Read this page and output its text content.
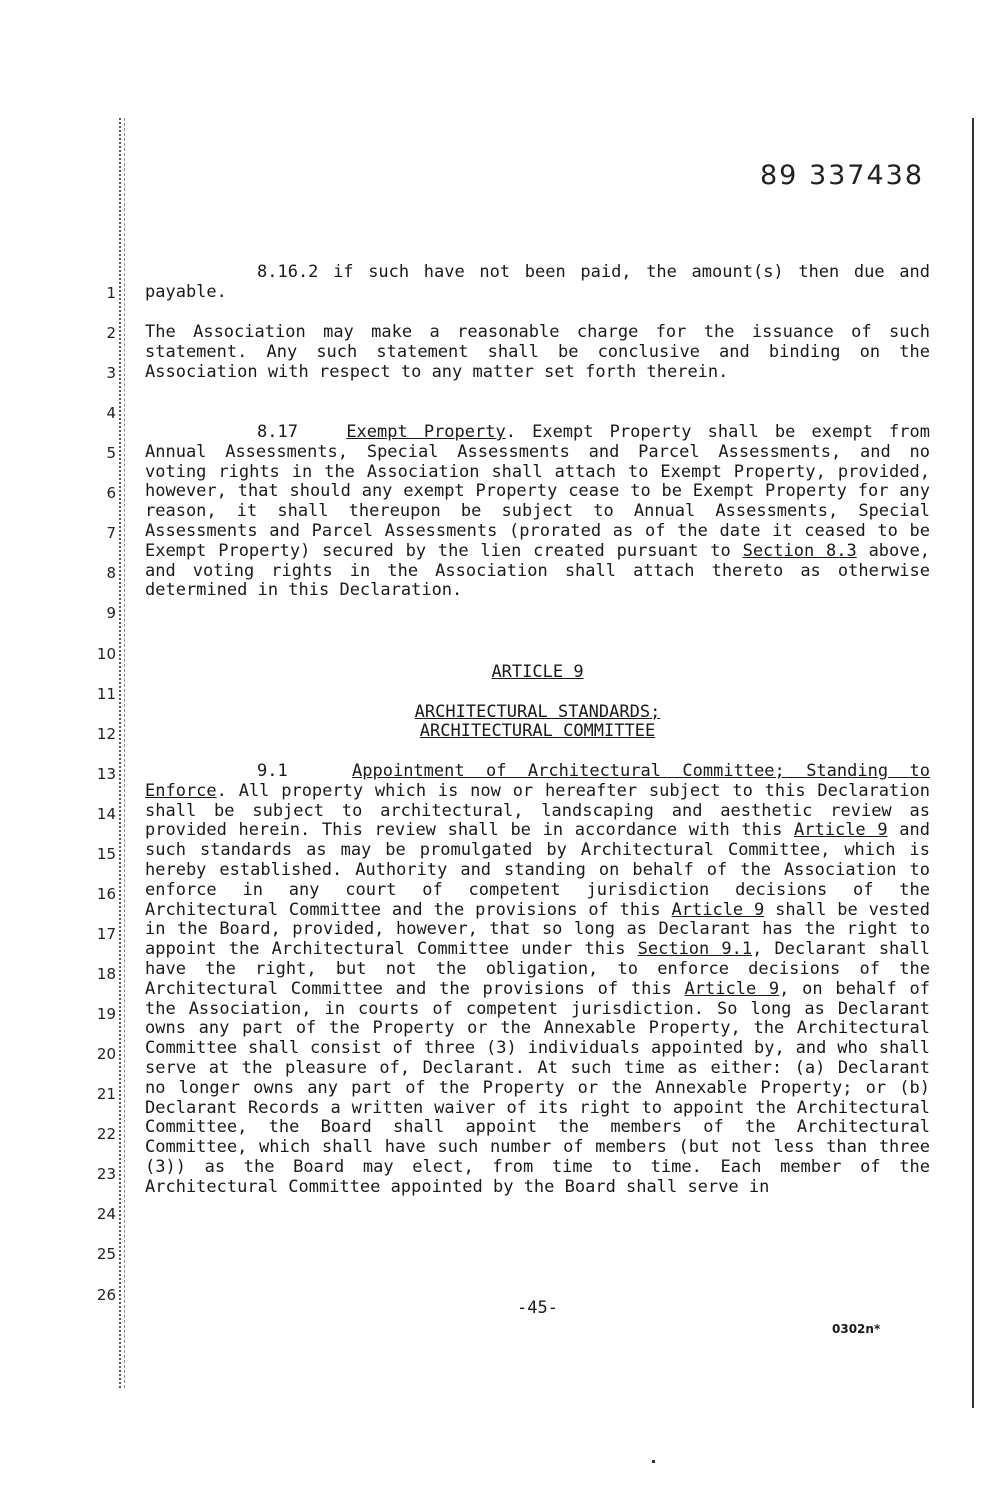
89 337438
1
2
3
4
5
6
7
8
9
10
11
12
13
14
15
16
17
18
19
20
21
22
23
24
25
26
8.16.2 if such have not been paid, the amount(s) then due and payable.
The Association may make a reasonable charge for the issuance of such statement. Any such statement shall be conclusive and binding on the Association with respect to any matter set forth therein.
8.17	Exempt Property. Exempt Property shall be exempt from Annual Assessments, Special Assessments and Parcel Assessments, and no voting rights in the Association shall attach to Exempt Property, provided, however, that should any exempt Property cease to be Exempt Property for any reason, it shall thereupon be subject to Annual Assessments, Special Assessments and Parcel Assessments (prorated as of the date it ceased to be Exempt Property) secured by the lien created pursuant to Section 8.3 above, and voting rights in the Association shall attach thereto as otherwise determined in this Declaration.
ARTICLE 9
ARCHITECTURAL STANDARDS;
ARCHITECTURAL COMMITTEE
9.1	Appointment of Architectural Committee; Standing to Enforce. All property which is now or hereafter subject to this Declaration shall be subject to architectural, landscaping and aesthetic review as provided herein. This review shall be in accordance with this Article 9 and such standards as may be promulgated by Architectural Committee, which is hereby established. Authority and standing on behalf of the Association to enforce in any court of competent jurisdiction decisions of the Architectural Committee and the provisions of this Article 9 shall be vested in the Board, provided, however, that so long as Declarant has the right to appoint the Architectural Committee under this Section 9.1, Declarant shall have the right, but not the obligation, to enforce decisions of the Architectural Committee and the provisions of this Article 9, on behalf of the Association, in courts of competent jurisdiction. So long as Declarant owns any part of the Property or the Annexable Property, the Architectural Committee shall consist of three (3) individuals appointed by, and who shall serve at the pleasure of, Declarant. At such time as either: (a) Declarant no longer owns any part of the Property or the Annexable Property; or (b) Declarant Records a written waiver of its right to appoint the Architectural Committee, the Board shall appoint the members of the Architectural Committee, which shall have such number of members (but not less than three (3)) as the Board may elect, from time to time. Each member of the Architectural Committee appointed by the Board shall serve in
-45-
0302n*
